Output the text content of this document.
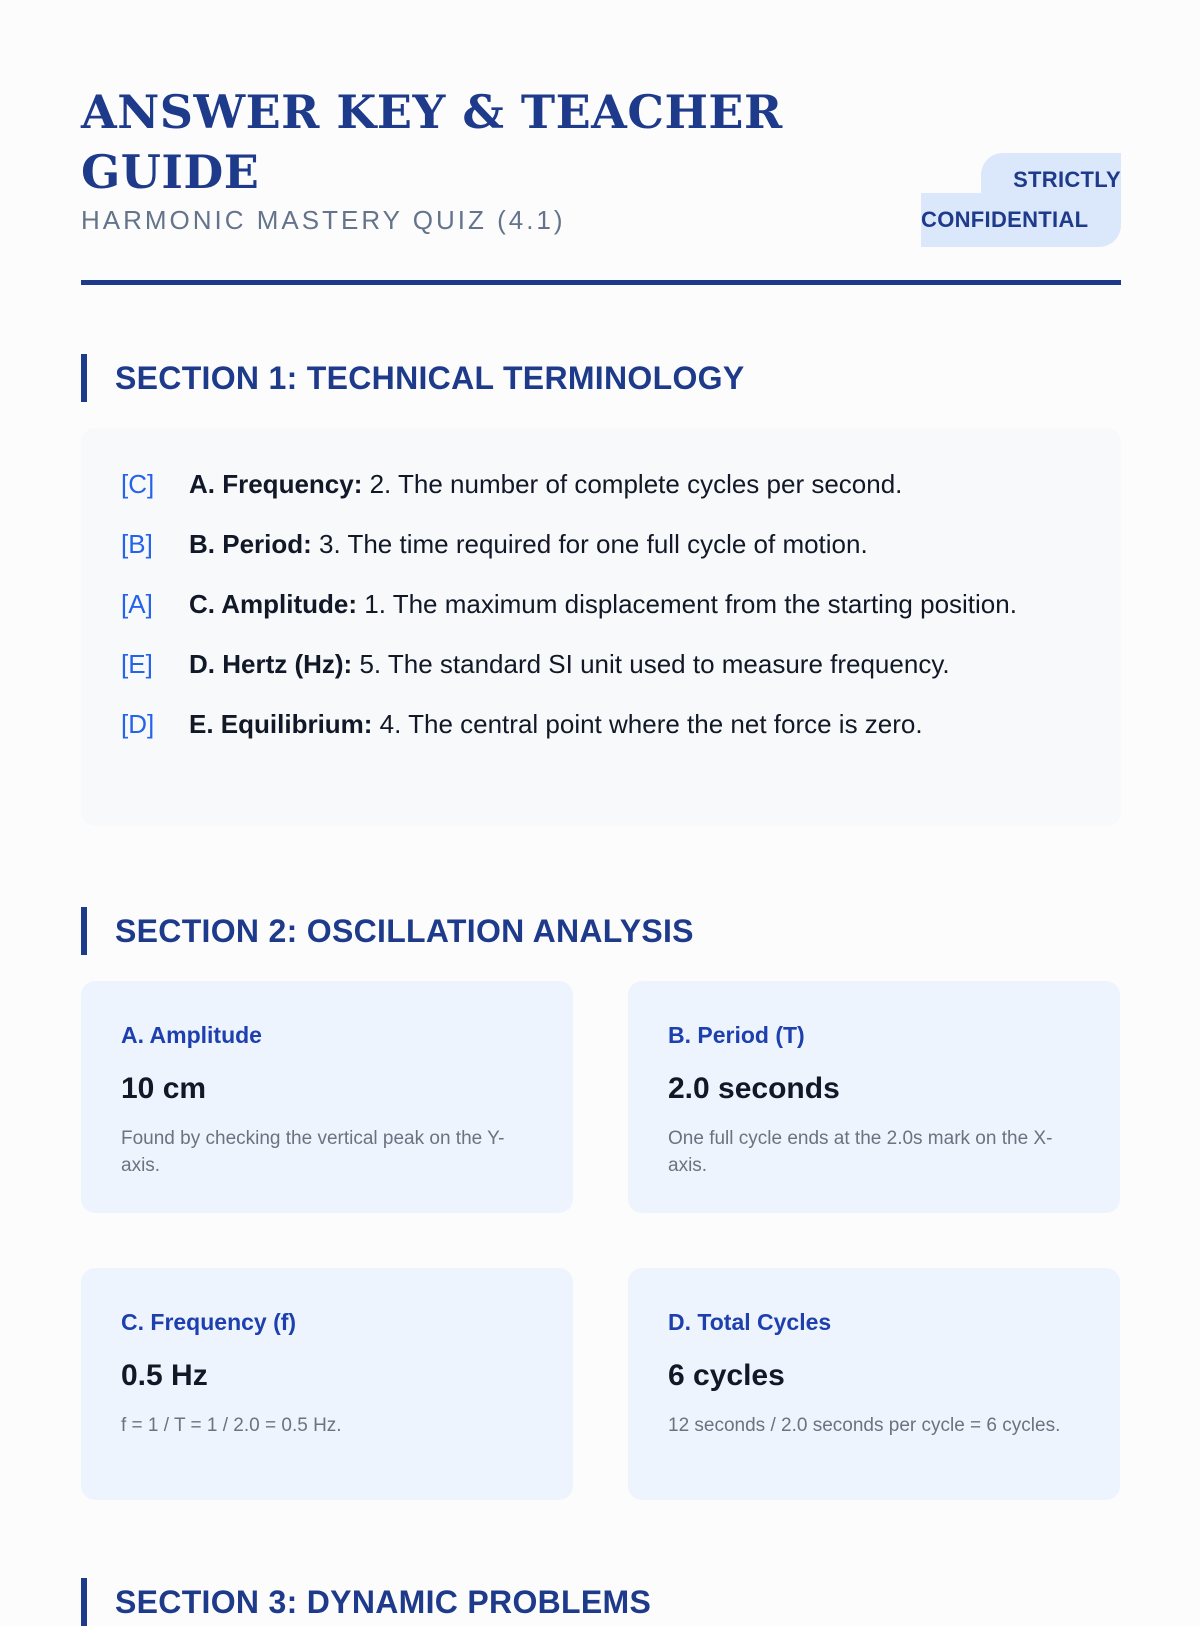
ANSWER KEY & TEACHER GUIDE
HARMONIC MASTERY QUIZ (4.1)
STRICTLY
CONFIDENTIAL
SECTION 1: TECHNICAL TERMINOLOGY
[C]	A. Frequency: 2. The number of complete cycles per second.
[B]	B. Period: 3. The time required for one full cycle of motion.
[A]	C. Amplitude: 1. The maximum displacement from the starting position.
[E]	D. Hertz (Hz): 5. The standard SI unit used to measure frequency.
[D]	E. Equilibrium: 4. The central point where the net force is zero.
SECTION 2: OSCILLATION ANALYSIS
A. Amplitude
10 cm
Found by checking the vertical peak on the Y-axis.
B. Period (T)
2.0 seconds
One full cycle ends at the 2.0s mark on the X-axis.
C. Frequency (f)
0.5 Hz
f = 1 / T = 1 / 2.0 = 0.5 Hz.
D. Total Cycles
6 cycles
12 seconds / 2.0 seconds per cycle = 6 cycles.
SECTION 3: DYNAMIC PROBLEMS
